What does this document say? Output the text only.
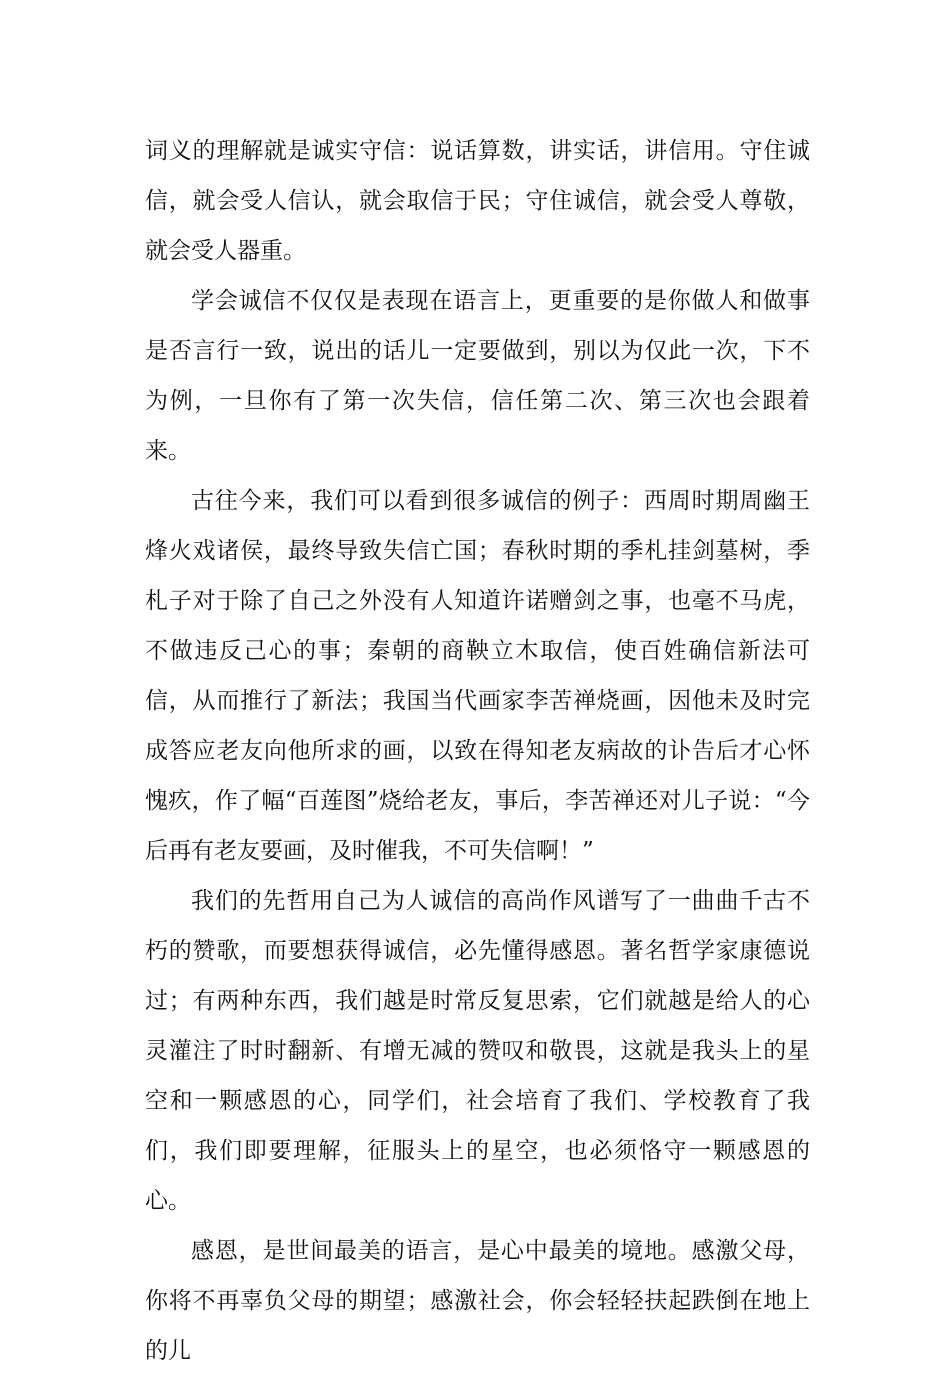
词义的理解就是诚实守信：说话算数，讲实话，讲信用。守住诚信，就会受人信认，就会取信于民；守住诚信，就会受人尊敬，就会受人器重。

学会诚信不仅仅是表现在语言上，更重要的是你做人和做事是否言行一致，说出的话儿一定要做到，别以为仅此一次，下不为例，一旦你有了第一次失信，信任第二次、第三次也会跟着来。

古往今来，我们可以看到很多诚信的例子：西周时期周幽王烽火戏诸侯，最终导致失信亡国；春秋时期的季札挂剑墓树，季札子对于除了自己之外没有人知道许诺赠剑之事，也毫不马虎，不做违反己心的事；秦朝的商鞅立木取信，使百姓确信新法可信，从而推行了新法；我国当代画家李苦禅烧画，因他未及时完成答应老友向他所求的画，以致在得知老友病故的讣告后才心怀愧疚，作了幅“百莲图”烧给老友，事后，李苦禅还对儿子说：“今后再有老友要画，及时催我，不可失信啊！”

我们的先哲用自己为人诚信的高尚作风谱写了一曲曲千古不朽的赞歌，而要想获得诚信，必先懂得感恩。著名哲学家康德说过；有两种东西，我们越是时常反复思索，它们就越是给人的心灵灌注了时时翻新、有增无减的赞叹和敬畏，这就是我头上的星空和一颗感恩的心，同学们，社会培育了我们、学校教育了我们，我们即要理解，征服头上的星空，也必须恪守一颗感恩的心。

感恩，是世间最美的语言，是心中最美的境地。感激父母，你将不再辜负父母的期望；感激社会，你会轻轻扶起跌倒在地上的儿
